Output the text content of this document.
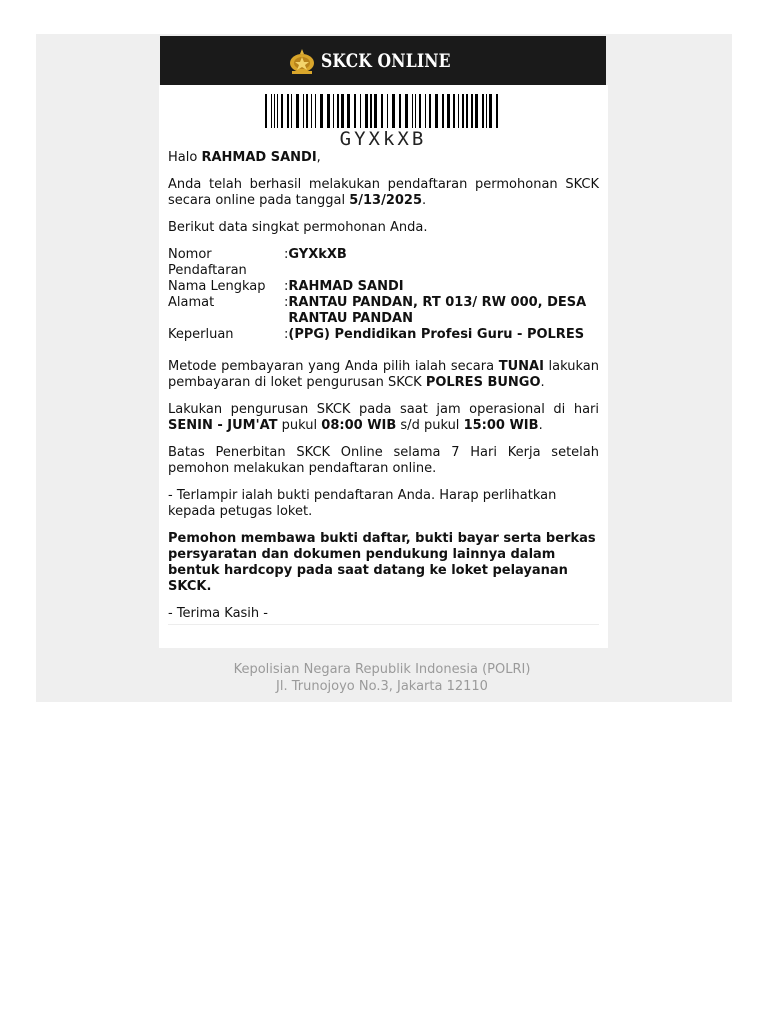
SKCK ONLINE
GYXkXB

Halo RAHMAD SANDI,

Anda telah berhasil melakukan pendaftaran permohonan SKCK secara online pada tanggal 5/13/2025.

Berikut data singkat permohonan Anda.

Nomor Pendaftaran	:	GYXkXB
Nama Lengkap	:	RAHMAD SANDI
Alamat	:	RANTAU PANDAN, RT 013/ RW 000, DESA RANTAU PANDAN
Keperluan	:	(PPG) Pendidikan Profesi Guru - POLRES

Metode pembayaran yang Anda pilih ialah secara TUNAI lakukan pembayaran di loket pengurusan SKCK POLRES BUNGO.

Lakukan pengurusan SKCK pada saat jam operasional di hari SENIN - JUM'AT pukul 08:00 WIB s/d pukul 15:00 WIB.

Batas Penerbitan SKCK Online selama 7 Hari Kerja setelah pemohon melakukan pendaftaran online.

- Terlampir ialah bukti pendaftaran Anda. Harap perlihatkan kepada petugas loket.

Pemohon membawa bukti daftar, bukti bayar serta berkas persyaratan dan dokumen pendukung lainnya dalam bentuk hardcopy pada saat datang ke loket pelayanan SKCK.

- Terima Kasih -

Kepolisian Negara Republik Indonesia (POLRI)
Jl. Trunojoyo No.3, Jakarta 12110
